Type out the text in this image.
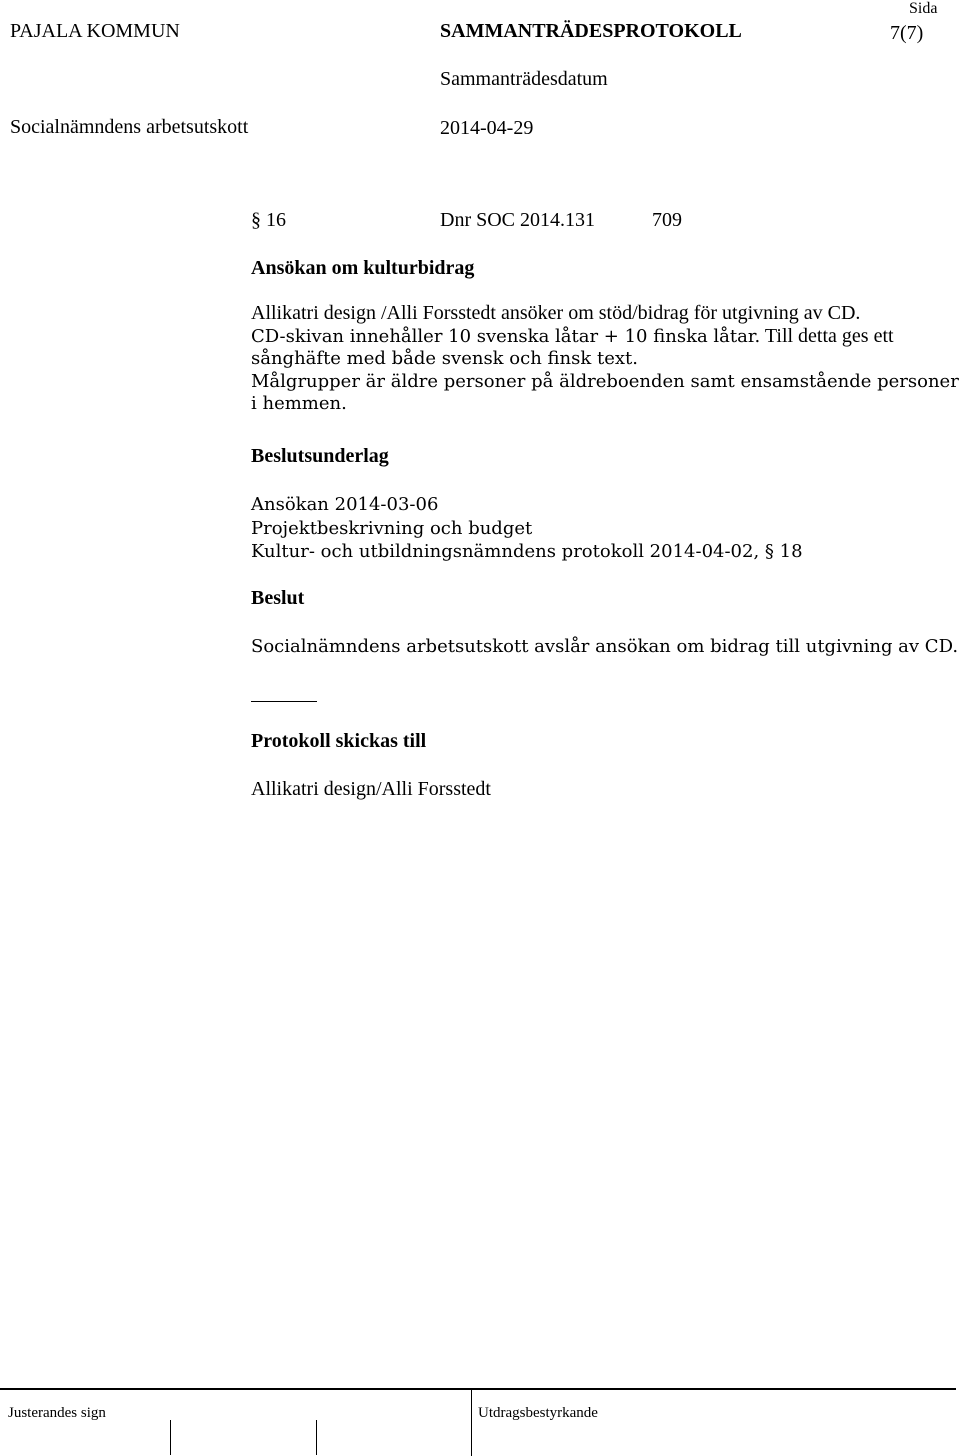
PAJALA KOMMUN	SAMMANTRÄDESPROTOKOLL
Sida
7(7)
Sammanträdesdatum
Socialnämndens arbetsutskott	2014-04-29
§ 16	Dnr SOC 2014.131	709
Ansökan om kulturbidrag
Allikatri design /Alli Forsstedt ansöker om stöd/bidrag för utgivning av CD.
CD-skivan innehåller 10 svenska låtar + 10 finska låtar. Till detta ges ett
sånghäfte med både svensk och finsk text.
Målgrupper är äldre personer på äldreboenden samt ensamstående personer
i hemmen.
Beslutsunderlag
Ansökan 2014-03-06
Projektbeskrivning och budget
Kultur- och utbildningsnämndens protokoll 2014-04-02, § 18
Beslut
Socialnämndens arbetsutskott avslår ansökan om bidrag till utgivning av CD.
Protokoll skickas till
Allikatri design/Alli Forsstedt
Justerandes sign	Utdragsbestyrkande
